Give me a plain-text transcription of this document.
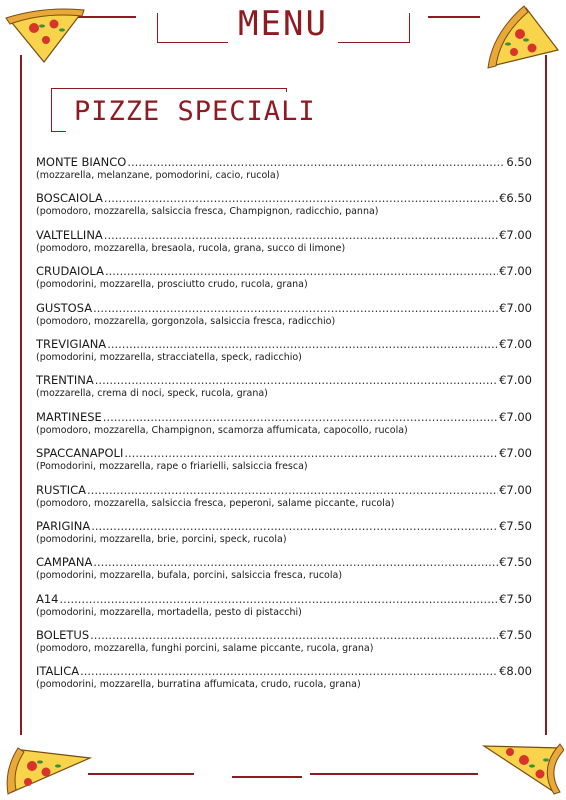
MENU
PIZZE SPECIALI
MONTE BIANCO .....	6.50
(mozzarella, melanzane, pomodorini, cacio, rucola)
BOSCAIOLA .....	€6.50
(pomodoro, mozzarella, salsiccia fresca, Champignon, radicchio, panna)
VALTELLINA .....	€7.00
(pomodoro, mozzarella, bresaola, rucola, grana, succo di limone)
CRUDAIOLA .....	€7.00
(pomodorini, mozzarella, prosciutto crudo, rucola, grana)
GUSTOSA .....	€7.00
(pomodoro, mozzarella, gorgonzola, salsiccia fresca, radicchio)
TREVIGIANA .....	€7.00
(pomodorini, mozzarella, stracciatella, speck, radicchio)
TRENTINA .....	€7.00
(mozzarella, crema di noci, speck, rucola, grana)
MARTINESE .....	€7.00
(pomodoro, mozzarella, Champignon, scamorza affumicata, capocollo, rucola)
SPACCANAPOLI .....	€7.00
(Pomodorini, mozzarella, rape o friarielli, salsiccia fresca)
RUSTICA .....	€7.00
(pomodoro, mozzarella, salsiccia fresca, peperoni, salame piccante, rucola)
PARIGINA .....	€7.50
(pomodorini, mozzarella, brie, porcini, speck, rucola)
CAMPANA .....	€7.50
(pomodorini, mozzarella, bufala, porcini, salsiccia fresca, rucola)
A14 .....	€7.50
(pomodorini, mozzarella, mortadella, pesto di pistacchi)
BOLETUS .....	€7.50
(pomodoro, mozzarella, funghi porcini, salame piccante, rucola, grana)
ITALICA .....	€8.00
(pomodorini, mozzarella, burratina affumicata, crudo, rucola, grana)
